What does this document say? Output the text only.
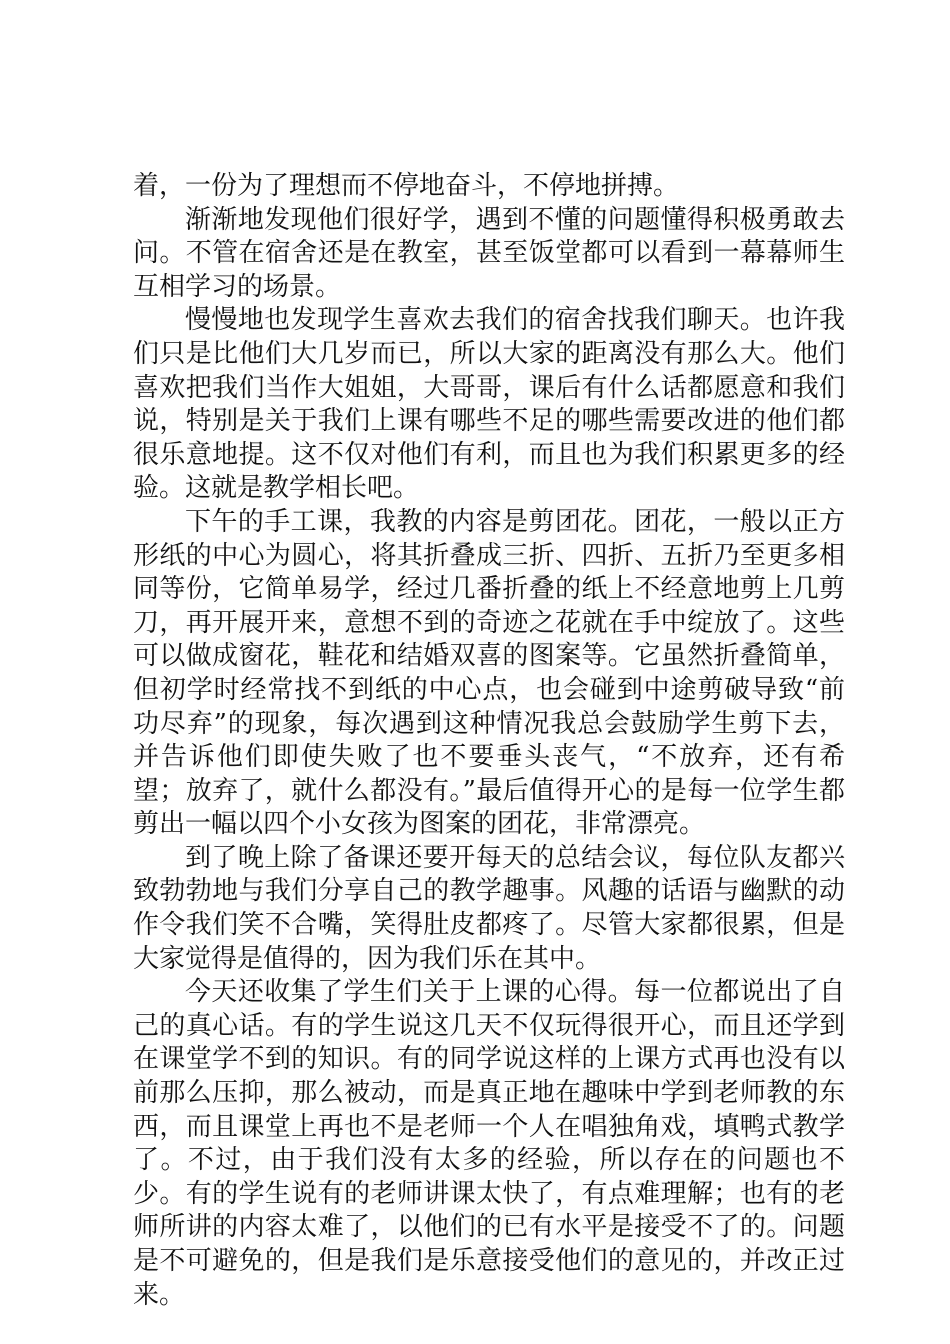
着，一份为了理想而不停地奋斗，不停地拼搏。

渐渐地发现他们很好学，遇到不懂的问题懂得积极勇敢去问。不管在宿舍还是在教室，甚至饭堂都可以看到一幕幕师生互相学习的场景。

慢慢地也发现学生喜欢去我们的宿舍找我们聊天。也许我们只是比他们大几岁而已，所以大家的距离没有那么大。他们喜欢把我们当作大姐姐，大哥哥，课后有什么话都愿意和我们说，特别是关于我们上课有哪些不足的哪些需要改进的他们都很乐意地提。这不仅对他们有利，而且也为我们积累更多的经验。这就是教学相长吧。

下午的手工课，我教的内容是剪团花。团花，一般以正方形纸的中心为圆心，将其折叠成三折、四折、五折乃至更多相同等份，它简单易学，经过几番折叠的纸上不经意地剪上几剪刀，再开展开来，意想不到的奇迹之花就在手中绽放了。这些可以做成窗花，鞋花和结婚双喜的图案等。它虽然折叠简单，但初学时经常找不到纸的中心点，也会碰到中途剪破导致“前功尽弃”的现象，每次遇到这种情况我总会鼓励学生剪下去，并告诉他们即使失败了也不要垂头丧气，“不放弃，还有希望；放弃了，就什么都没有。”最后值得开心的是每一位学生都剪出一幅以四个小女孩为图案的团花，非常漂亮。

到了晚上除了备课还要开每天的总结会议，每位队友都兴致勃勃地与我们分享自己的教学趣事。风趣的话语与幽默的动作令我们笑不合嘴，笑得肚皮都疼了。尽管大家都很累，但是大家觉得是值得的，因为我们乐在其中。

今天还收集了学生们关于上课的心得。每一位都说出了自己的真心话。有的学生说这几天不仅玩得很开心，而且还学到在课堂学不到的知识。有的同学说这样的上课方式再也没有以前那么压抑，那么被动，而是真正地在趣味中学到老师教的东西，而且课堂上再也不是老师一个人在唱独角戏，填鸭式教学了。不过，由于我们没有太多的经验，所以存在的问题也不少。有的学生说有的老师讲课太快了，有点难理解；也有的老师所讲的内容太难了，以他们的已有水平是接受不了的。问题是不可避免的，但是我们是乐意接受他们的意见的，并改正过来。
